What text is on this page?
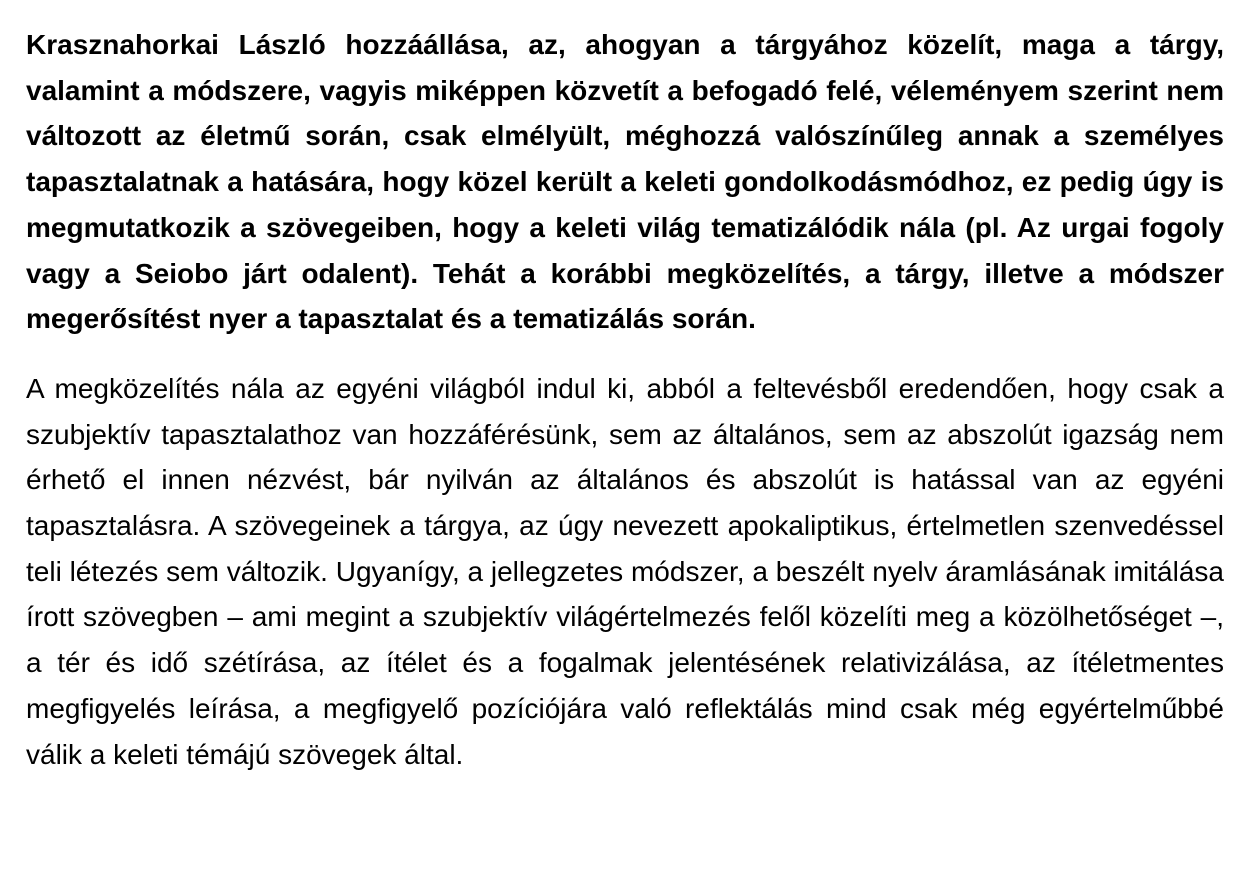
Krasznahorkai László hozzáállása, az, ahogyan a tárgyához közelít, maga a tárgy, valamint a módszere, vagyis miképpen közvetít a befogadó felé, véleményem szerint nem változott az életmű során, csak elmélyült, méghozzá valószínűleg annak a személyes tapasztalatnak a hatására, hogy közel került a keleti gondolkodásmódhoz, ez pedig úgy is megmutatkozik a szövegeiben, hogy a keleti világ tematizálódik nála (pl. Az urgai fogoly vagy a Seiobo járt odalent). Tehát a korábbi megközelítés, a tárgy, illetve a módszer megerősítést nyer a tapasztalat és a tematizálás során.

A megközelítés nála az egyéni világból indul ki, abból a feltevésből eredendően, hogy csak a szubjektív tapasztalathoz van hozzáférésünk, sem az általános, sem az abszolút igazság nem érhető el innen nézvést, bár nyilván az általános és abszolút is hatással van az egyéni tapasztalásra. A szövegeinek a tárgya, az úgy nevezett apokaliptikus, értelmetlen szenvedéssel teli létezés sem változik. Ugyanígy, a jellegzetes módszer, a beszélt nyelv áramlásának imitálása írott szövegben – ami megint a szubjektív világértelmezés felől közelíti meg a közölhetőséget –, a tér és idő szétírása, az ítélet és a fogalmak jelentésének relativizálása, az ítéletmentes megfigyelés leírása, a megfigyelő pozíciójára való reflektálás mind csak még egyértelműbbé válik a keleti témájú szövegek által.
